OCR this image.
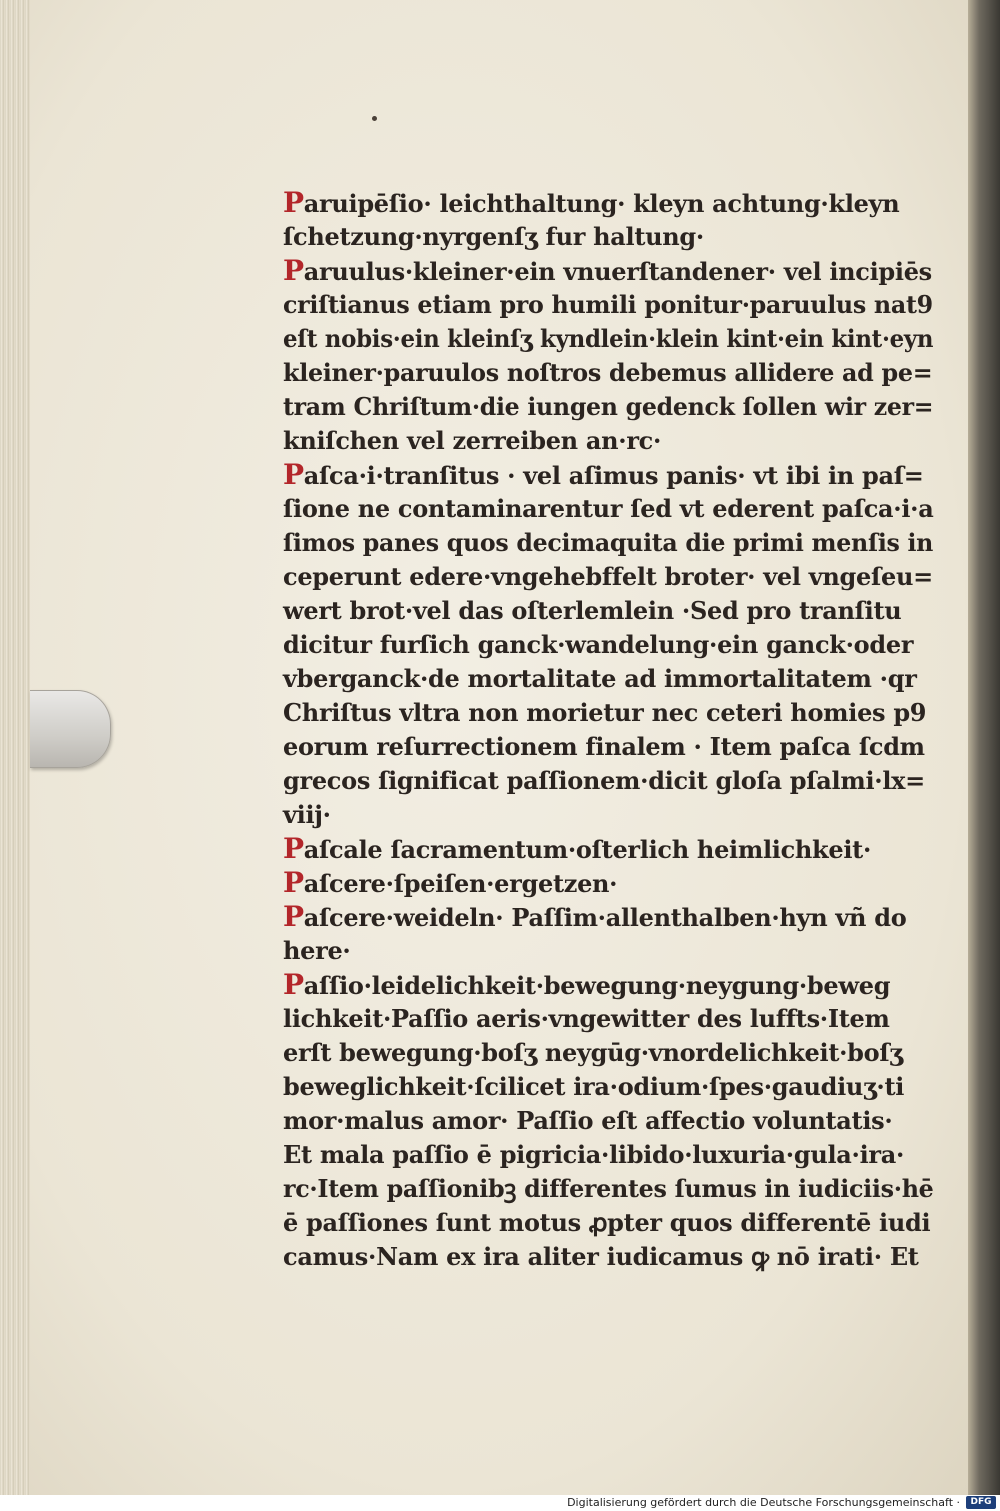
Paruipēſio· leichthaltung· kleyn achtung·kleyn
ſchetzung·nyrgenſʒ fur haltung·
Paruulus·kleiner·ein vnuerſtandener· vel incipiēs
criſtianus etiam pro humili ponitur·paruulus nat9
eſt nobis·ein kleinſʒ kyndlein·klein kint·ein kint·eyn
kleiner·paruulos noſtros debemus allidere ad pe=
tram Chriſtum·die iungen gedenck ſollen wir zer=
kniſchen vel zerreiben an·rc·
Paſca·i·tranſitus · vel aſimus panis· vt ibi in paſ=
ſione ne contaminarentur ſed vt ederent paſca·i·a
ſimos panes quos decimaquita die primi menſis in
ceperunt edere·vngehebffelt broter· vel vngeſeu=
wert brot·vel das oſterlemlein ·Sed pro tranſitu
dicitur furſich ganck·wandelung·ein ganck·oder
vberganck·de mortalitate ad immortalitatem ·qr
Chriſtus vltra non morietur nec ceteri homies p9
eorum reſurrectionem finalem · Item paſca ſcdm
grecos ſignificat paſſionem·dicit gloſa pſalmi·lx=
viij·
Paſcale ſacramentum·oſterlich heimlichkeit·
Paſcere·ſpeiſen·ergetzen·
Paſcere·weideln· Paſſim·allenthalben·hyn vñ do
here·
Paſſio·leidelichkeit·bewegung·neygung·beweg
lichkeit·Paſſio aeris·vngewitter des luffts·Item
erſt bewegung·boſʒ neygūg·vnordelichkeit·boſʒ
beweglichkeit·ſcilicet ira·odium·ſpes·gaudiuʒ·ti
mor·malus amor· Paſſio eſt affectio voluntatis·
Et mala paſſio ē pigricia·libido·luxuria·gula·ira·
rc·Item paſſionibꝫ differentes ſumus in iudiciis·hē
ē paſſiones ſunt motus ꝓpter quos differentē iudi
camus·Nam ex ira aliter iudicamus ꝙ nō irati· Et
Digitalisierung gefördert durch die Deutsche Forschungsgemeinschaft ·	DFG
